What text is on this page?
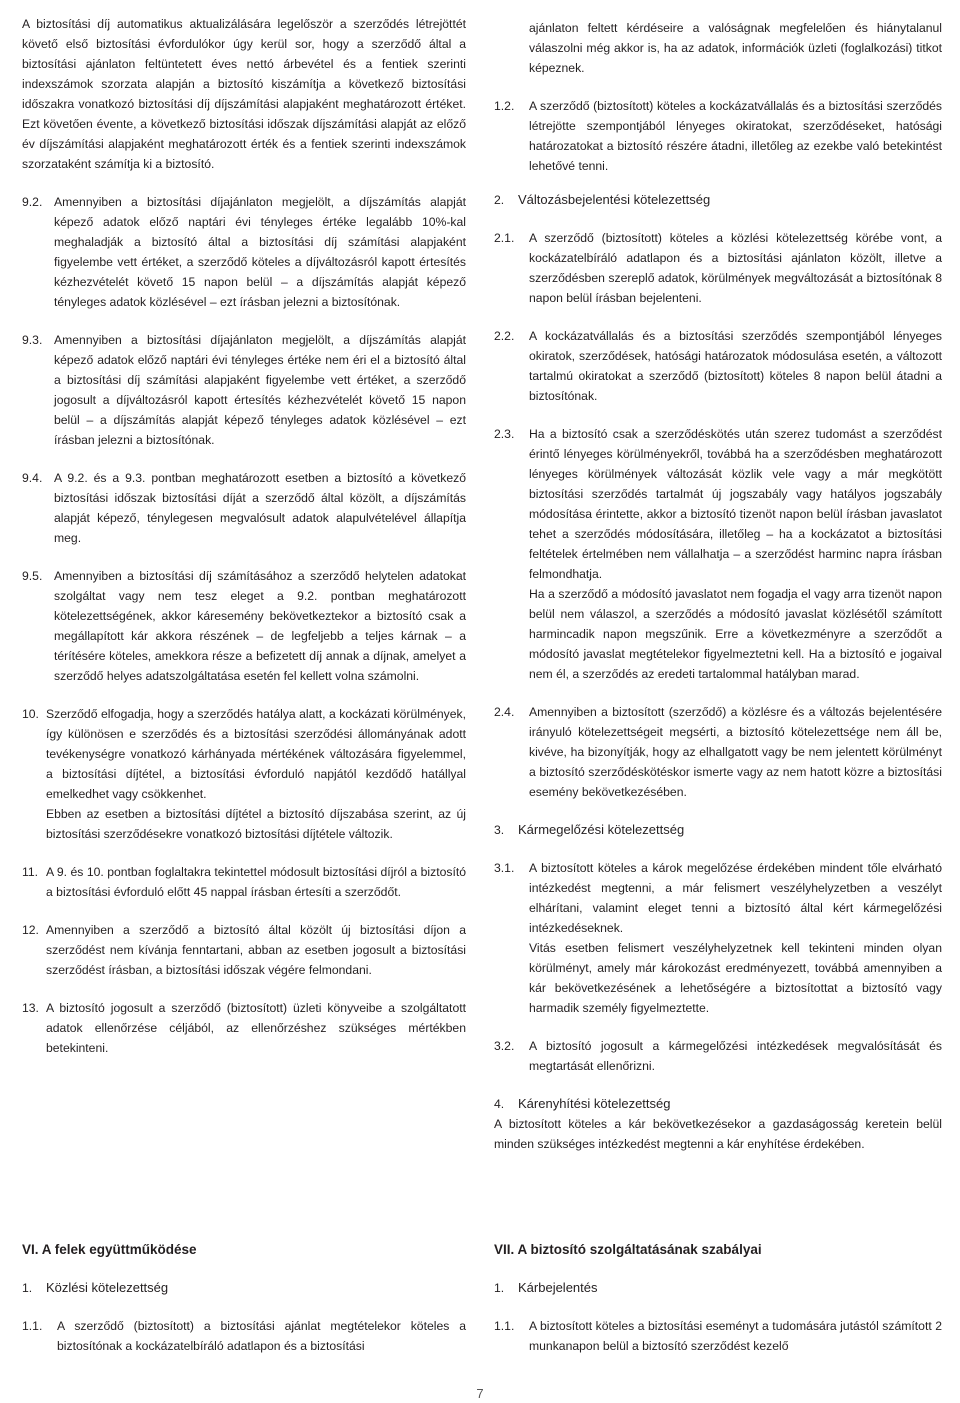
A biztosítási díj automatikus aktualizálására legelőször a szerződés létrejöttét követő első biztosítási évfordulókor úgy kerül sor, hogy a szerződő által a biztosítási ajánlaton feltüntetett éves nettó árbevétel és a fentiek szerinti indexszámok szorzata alapján a biztosító kiszámítja a következő biztosítási időszakra vonatkozó biztosítási díj díjszámítási alapjaként meghatározott értéket. Ezt követően évente, a következő biztosítási időszak díjszámítási alapját az előző év díjszámítási alapjaként meghatározott érték és a fentiek szerinti indexszámok szorzataként számítja ki a biztosító.

9.2. Amennyiben a biztosítási díjajánlaton megjelölt, a díjszámítás alapját képező adatok előző naptári évi tényleges értéke legalább 10%-kal meghaladják a biztosító által a biztosítási díj számítási alapjaként figyelembe vett értéket, a szerződő köteles a díjváltozásról kapott értesítés kézhezvételét követő 15 napon belül – a díjszámítás alapját képező tényleges adatok közlésével – ezt írásban jelezni a biztosítónak.
9.3. Amennyiben a biztosítási díjajánlaton megjelölt, a díjszámítás alapját képező adatok előző naptári évi tényleges értéke nem éri el a biztosító által a biztosítási díj számítási alapjaként figyelembe vett értéket, a szerződő jogosult a díjváltozásról kapott értesítés kézhezvételét követő 15 napon belül – a díjszámítás alapját képező tényleges adatok közlésével – ezt írásban jelezni a biztosítónak.
9.4. A 9.2. és a 9.3. pontban meghatározott esetben a biztosító a következő biztosítási időszak biztosítási díját a szerződő által közölt, a díjszámítás alapját képező, ténylegesen megvalósult adatok alapulvételével állapítja meg.
9.5. Amennyiben a biztosítási díj számításához a szerződő helytelen adatokat szolgáltat vagy nem tesz eleget a 9.2. pontban meghatározott kötelezettségének, akkor káresemény bekövetkeztekor a biztosító csak a megállapított kár akkora részének – de legfeljebb a teljes kárnak – a térítésére köteles, amekkora része a befizetett díj annak a díjnak, amelyet a szerződő helyes adatszolgáltatása esetén fel kellett volna számolni.
10. Szerződő elfogadja, hogy a szerződés hatálya alatt, a kockázati körülmények, így különösen e szerződés és a biztosítási szerződési állományának adott tevékenységre vonatkozó kárhányada mértékének változására figyelemmel, a biztosítási díjtétel, a biztosítási évforduló napjától kezdődő hatállyal emelkedhet vagy csökkenhet.
Ebben az esetben a biztosítási díjtétel a biztosító díjszabása szerint, az új biztosítási szerződésekre vonatkozó biztosítási díjtétele változik.
11. A 9. és 10. pontban foglaltakra tekintettel módosult biztosítási díjról a biztosító a biztosítási évforduló előtt 45 nappal írásban értesíti a szerződőt.
12. Amennyiben a szerződő a biztosító által közölt új biztosítási díjon a szerződést nem kívánja fenntartani, abban az esetben jogosult a biztosítási szerződést írásban, a biztosítási időszak végére felmondani.
13. A biztosító jogosult a szerződő (biztosított) üzleti könyveibe a szolgáltatott adatok ellenőrzése céljából, az ellenőrzéshez szükséges mértékben betekinteni.
ajánlaton feltett kérdéseire a valóságnak megfelelően és hiánytalanul válaszolni még akkor is, ha az adatok, információk üzleti (foglalkozási) titkot képeznek.
1.2.	A szerződő (biztosított) köteles a kockázatvállalás és a biztosítási szerződés létrejötte szempontjából lényeges okiratokat, szerződéseket, hatósági határozatokat a biztosító részére átadni, illetőleg az ezekbe való betekintést lehetővé tenni.
2.	Változásbejelentési kötelezettség
2.1.	A szerződő (biztosított) köteles a közlési kötelezettség körébe vont, a kockázatelbíráló adatlapon és a biztosítási ajánlaton közölt, illetve a szerződésben szereplő adatok, körülmények megváltozását a biztosítónak 8 napon belül írásban bejelenteni.
2.2.	A kockázatvállalás és a biztosítási szerződés szempontjából lényeges okiratok, szerződések, hatósági határozatok módosulása esetén, a változott tartalmú okiratokat a szerződő (biztosított) köteles 8 napon belül átadni a biztosítónak.
2.3.	Ha a biztosító csak a szerződéskötés után szerez tudomást a szerződést érintő lényeges körülményekről, továbbá ha a szerződésben meghatározott lényeges körülmények változását közlik vele vagy a már megkötött biztosítási szerződés tartalmát új jogszabály vagy hatályos jogszabály módosítása érintette, akkor a biztosító tizenöt napon belül írásban javaslatot tehet a szerződés módosítására, illetőleg – ha a kockázatot a biztosítási feltételek értelmében nem vállalhatja – a szerződést harminc napra írásban felmondhatja.
Ha a szerződő a módosító javaslatot nem fogadja el vagy arra tizenöt napon belül nem válaszol, a szerződés a módosító javaslat közlésétől számított harmincadik napon megszűnik. Erre a következményre a szerződőt a módosító javaslat megtételekor figyelmeztetni kell. Ha a biztosító e jogaival nem él, a szerződés az eredeti tartalommal hatályban marad.
2.4.	Amennyiben a biztosított (szerződő) a közlésre és a változás bejelentésére irányuló kötelezettségeit megsérti, a biztosító kötelezettsége nem áll be, kivéve, ha bizonyítják, hogy az elhallgatott vagy be nem jelentett körülményt a biztosító szerződéskötéskor ismerte vagy az nem hatott közre a biztosítási esemény bekövetkezésében.
3.	Kármegelőzési kötelezettség
3.1.	A biztosított köteles a károk megelőzése érdekében mindent tőle elvárható intézkedést megtenni, a már felismert veszélyhelyzetben a veszélyt elhárítani, valamint eleget tenni a biztosító által kért kármegelőzési intézkedéseknek.
Vitás esetben felismert veszélyhelyzetnek kell tekinteni minden olyan körülményt, amely már károkozást eredményezett, továbbá amennyiben a kár bekövetkezésének a lehetőségére a biztosítottat a biztosító vagy harmadik személy figyelmeztette.
3.2.	A biztosító jogosult a kármegelőzési intézkedések megvalósítását és megtartását ellenőrizni.
4.	Kárenyhítési kötelezettség

A biztosított köteles a kár bekövetkezésekor a gazdaságosság keretein belül minden szükséges intézkedést megtenni a kár enyhítése érdekében.

VI. A felek együttműködése

1.	Közlési kötelezettség
1.1.	A szerződő (biztosított) a biztosítási ajánlat megtételekor köteles a biztosítónak a kockázatelbíráló adatlapon és a biztosítási

VII. A biztosító szolgáltatásának szabályai

1.	Kárbejelentés
1.1.	A biztosított köteles a biztosítási eseményt a tudomására jutástól számított 2 munkanapon belül a biztosító szerződést kezelő
7
